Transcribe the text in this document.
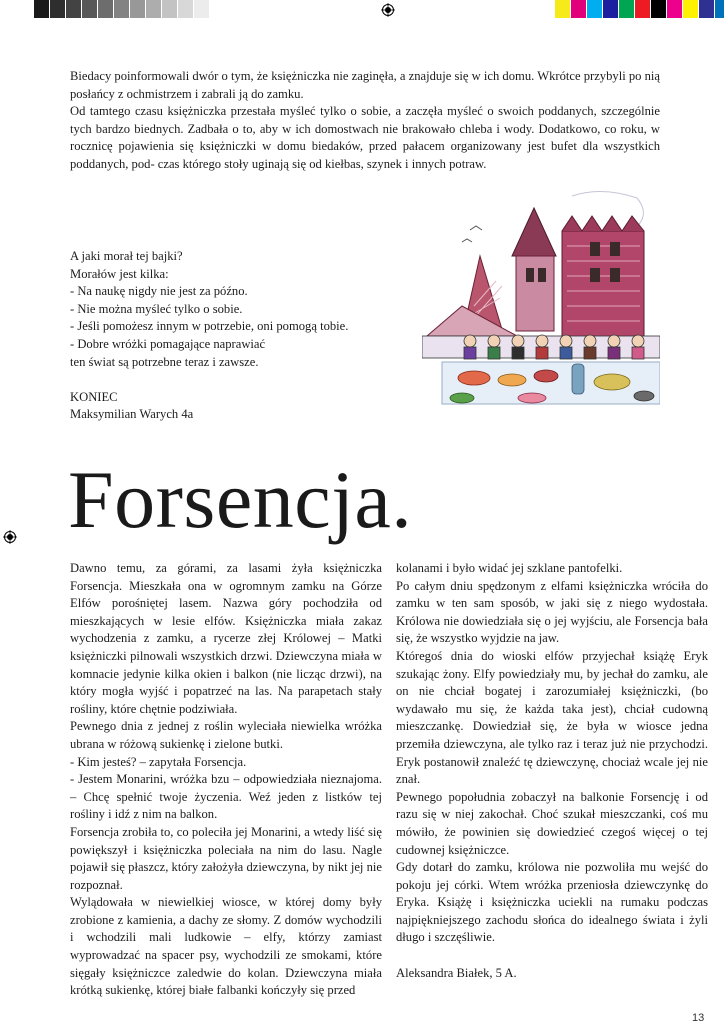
Biedacy poinformowali dwór o tym, że księżniczka nie zaginęła, a znajduje się w ich domu. Wkrótce przybyli po nią posłańcy z ochmistrzem i zabrali ją do zamku.

Od tamtego czasu księżniczka przestała myśleć tylko o sobie, a zaczęła myśleć o swoich poddanych, szczególnie tych bardzo biednych. Zadbała o to, aby w ich domostwach nie brakowało chleba i wody. Dodatkowo, co roku, w rocznicę pojawienia się księżniczki w domu biedaków, przed pałacem organizowany jest bufet dla wszystkich poddanych, pod- czas którego stoły uginają się od kiełbas, szynek i innych potraw.

A jaki morał tej bajki?
Morałów jest kilka:
- Na naukę nigdy nie jest za późno.
- Nie można myśleć tylko o sobie.
- Jeśli pomożesz innym w potrzebie, oni pomogą tobie.
- Dobre wróżki pomagające naprawiać
ten świat są potrzebne teraz i zawsze.
KONIEC
Maksymilian Warych 4a
Forsencja.

Dawno temu, za górami, za lasami żyła księżniczka Forsencja. Mieszkała ona w ogromnym zamku na Górze Elfów porośniętej lasem. Nazwa góry pochodziła od mieszkających w lesie elfów. Księżniczka miała zakaz wychodzenia z zamku, a rycerze złej Królowej – Matki księżniczki pilnowali wszystkich drzwi. Dziewczyna miała w komnacie jedynie kilka okien i balkon (nie licząc drzwi), na który mogła wyjść i popatrzeć na las. Na parapetach stały rośliny, które chętnie podziwiała.

Pewnego dnia z jednej z roślin wyleciała niewielka wróżka ubrana w różową sukienkę i zielone butki.

- Kim jesteś? – zapytała Forsencja.

- Jestem Monarini, wróżka bzu – odpowiedziała nieznajoma. – Chcę spełnić twoje życzenia. Weź jeden z listków tej rośliny i idź z nim na balkon.

Forsencja zrobiła to, co poleciła jej Monarini, a wtedy liść się powiększył i księżniczka poleciała na nim do lasu. Nagle pojawił się płaszcz, który założyła dziewczyna, by nikt jej nie rozpoznał.

Wylądowała w niewielkiej wiosce, w której domy były zrobione z kamienia, a dachy ze słomy. Z domów wychodzili i wchodzili mali ludkowie – elfy, którzy zamiast wyprowadzać na spacer psy, wychodzili ze smokami, które sięgały księżniczce zaledwie do kolan. Dziewczyna miała krótką sukienkę, której białe falbanki kończyły się przed

kolanami i było widać jej szklane pantofelki.

Po całym dniu spędzonym z elfami księżniczka wróciła do zamku w ten sam sposób, w jaki się z niego wydostała. Królowa nie dowiedziała się o jej wyjściu, ale Forsencja bała się, że wszystko wyjdzie na jaw.

Któregoś dnia do wioski elfów przyjechał książę Eryk szukając żony. Elfy powiedziały mu, by jechał do zamku, ale on nie chciał bogatej i zarozumiałej księżniczki, (bo wydawało mu się, że każda taka jest), chciał cudowną mieszczankę. Dowiedział się, że była w wiosce jedna przemiła dziewczyna, ale tylko raz i teraz już nie przychodzi. Eryk postanowił znaleźć tę dziewczynę, chociaż wcale jej nie znał.

Pewnego popołudnia zobaczył na balkonie Forsencję i od razu się w niej zakochał. Choć szukał mieszczanki, coś mu mówiło, że powinien się dowiedzieć czegoś więcej o tej cudownej księżniczce.

Gdy dotarł do zamku, królowa nie pozwoliła mu wejść do pokoju jej córki. Wtem wróżka przeniosła dziewczynkę do Eryka. Książę i księżniczka uciekli na rumaku podczas najpiękniejszego zachodu słońca do idealnego świata i żyli długo i szczęśliwie.

Aleksandra Białek, 5 A.

13
